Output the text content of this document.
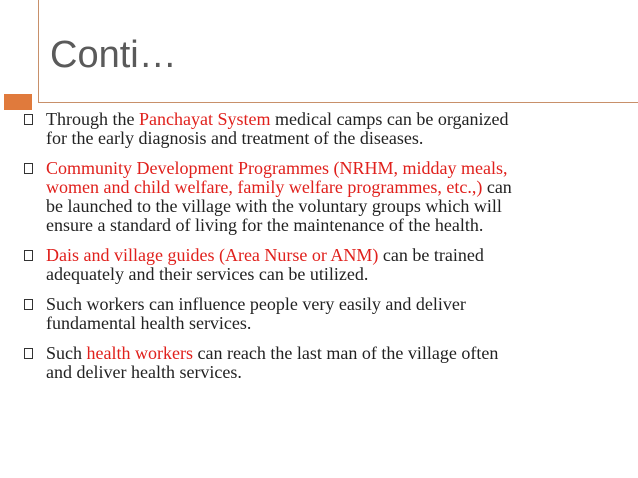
Conti…
Through the Panchayat System medical camps can be organized
for the early diagnosis and treatment of the diseases.
Community Development Programmes (NRHM, midday meals,
women and child welfare, family welfare programmes, etc.,) can
be launched to the village with the voluntary groups which will
ensure a standard of living for the maintenance of the health.
Dais and village guides (Area Nurse or ANM) can be trained
adequately and their services can be utilized.
Such workers can influence people very easily and deliver
fundamental health services.
Such health workers can reach the last man of the village often
and deliver health services.
